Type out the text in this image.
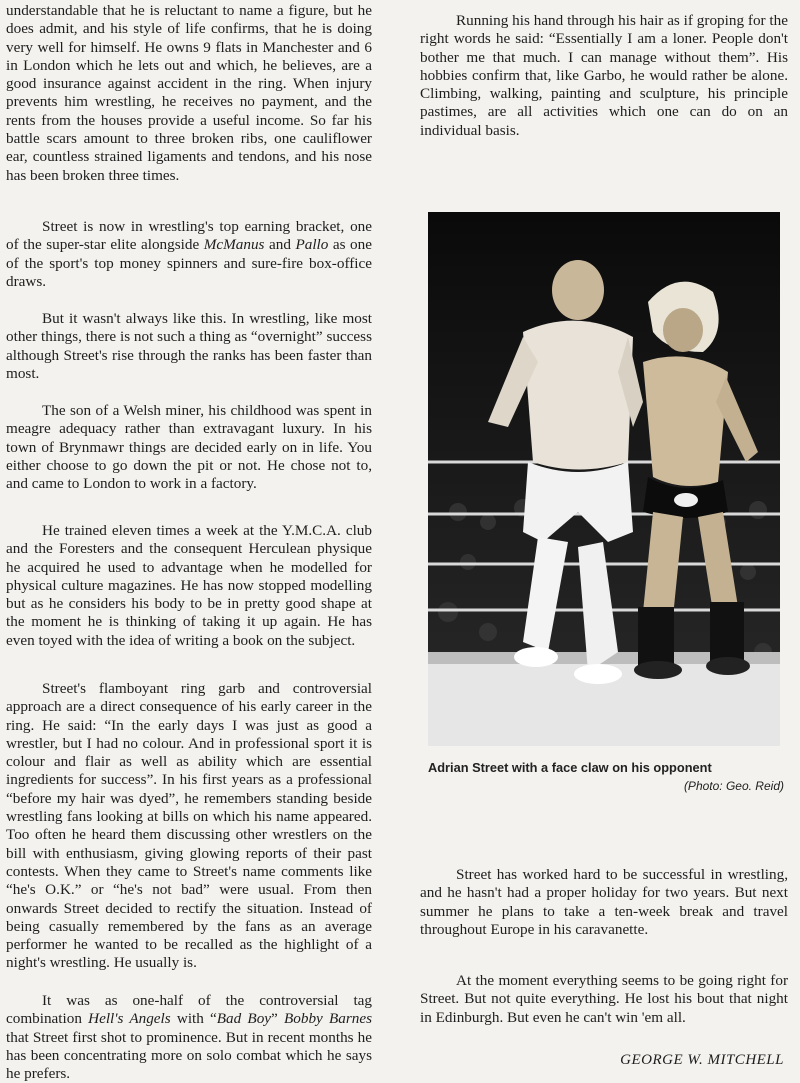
understandable that he is reluctant to name a figure, but he does admit, and his style of life confirms, that he is doing very well for himself. He owns 9 flats in Manchester and 6 in London which he lets out and which, he believes, are a good insurance against accident in the ring. When injury prevents him wrestling, he receives no payment, and the rents from the houses provide a useful income. So far his battle scars amount to three broken ribs, one cauliflower ear, countless strained ligaments and tendons, and his nose has been broken three times.

Street is now in wrestling's top earning bracket, one of the super-star elite alongside McManus and Pallo as one of the sport's top money spinners and sure-fire box-office draws.

But it wasn't always like this. In wrestling, like most other things, there is not such a thing as “overnight” success although Street's rise through the ranks has been faster than most.

The son of a Welsh miner, his childhood was spent in meagre adequacy rather than extravagant luxury. In his town of Brynmawr things are decided early on in life. You either choose to go down the pit or not. He chose not to, and came to London to work in a factory.

He trained eleven times a week at the Y.M.C.A. club and the Foresters and the consequent Herculean physique he acquired he used to advantage when he modelled for physical culture magazines. He has now stopped modelling but as he considers his body to be in pretty good shape at the moment he is thinking of taking it up again. He has even toyed with the idea of writing a book on the subject.

Street's flamboyant ring garb and controversial approach are a direct consequence of his early career in the ring. He said: “In the early days I was just as good a wrestler, but I had no colour. And in professional sport it is colour and flair as well as ability which are essential ingredients for success”. In his first years as a professional “before my hair was dyed”, he remembers standing beside wrestling fans looking at bills on which his name appeared. Too often he heard them discussing other wrestlers on the bill with enthusiasm, giving glowing reports of their past contests. When they came to Street's name comments like “he's O.K.” or “he's not bad” were usual. From then onwards Street decided to rectify the situation. Instead of being casually remembered by the fans as an average performer he wanted to be recalled as the highlight of a night's wrestling. He usually is.

It was as one-half of the controversial tag combination Hell's Angels with “Bad Boy” Bobby Barnes that Street first shot to prominence. But in recent months he has been concentrating more on solo combat which he says he prefers.

Running his hand through his hair as if groping for the right words he said: “Essentially I am a loner. People don't bother me that much. I can manage without them”. His hobbies confirm that, like Garbo, he would rather be alone. Climbing, walking, painting and sculpture, his principle pastimes, are all activities which one can do on an individual basis.

Adrian Street with a face claw on his opponent
(Photo: Geo. Reid)

Street has worked hard to be successful in wrestling, and he hasn't had a proper holiday for two years. But next summer he plans to take a ten-week break and travel throughout Europe in his caravanette.

At the moment everything seems to be going right for Street. But not quite everything. He lost his bout that night in Edinburgh. But even he can't win 'em all.

GEORGE W. MITCHELL
